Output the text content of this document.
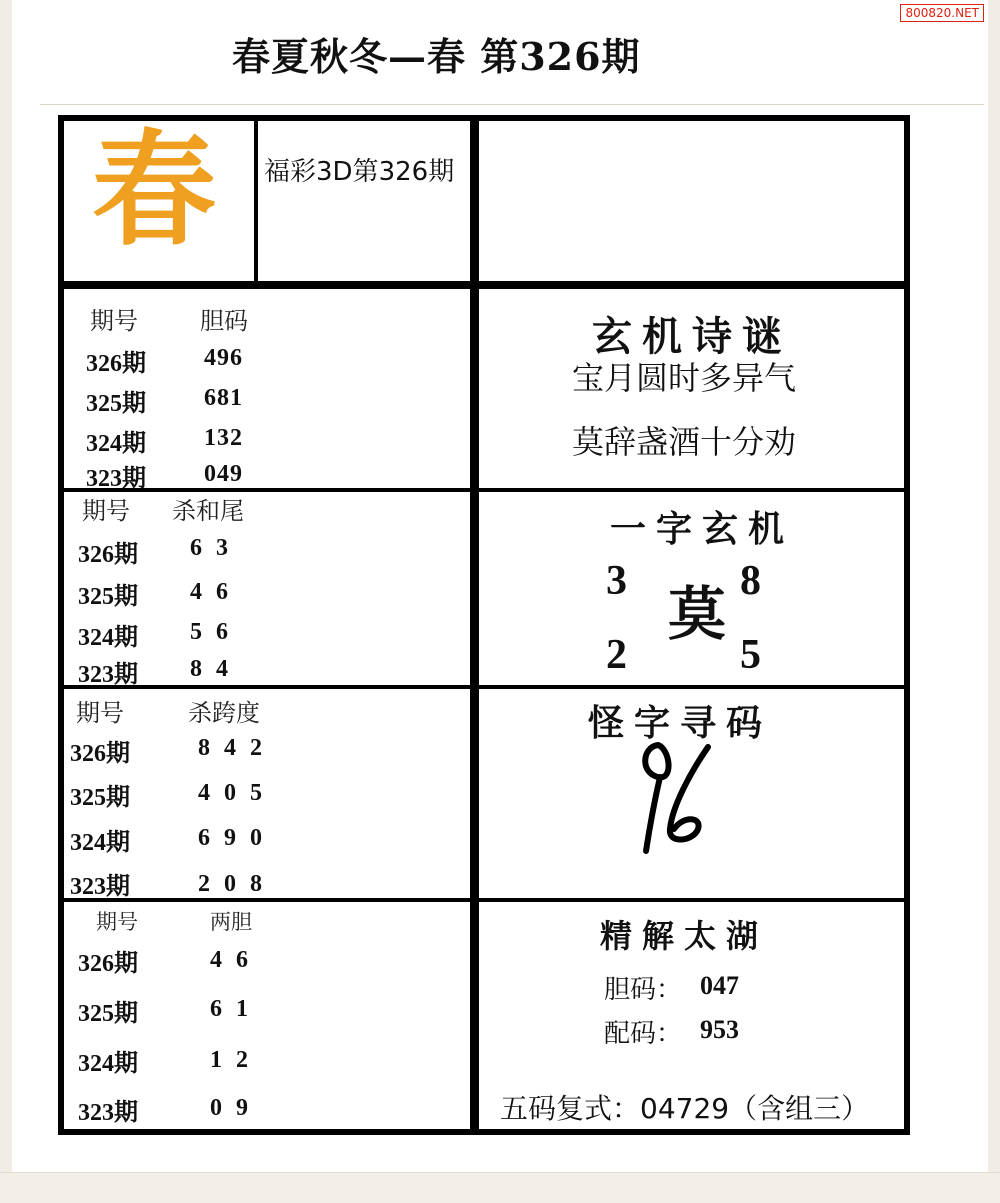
春夏秋冬—春 第326期
800820.NET
春 福彩3D第326期
期号	胆码
326期 496
325期 681
324期 132
323期 049
期号 杀和尾
326期 6 3
325期 4 6
324期 5 6
323期 8 4
期号	杀跨度
326期	8 4 2
325期	4 0 5
324期	6 9 0
323期	2 0 8
期号	两胆
326期	4 6
325期	6 1
324期	1 2
323期	0 9
玄机诗谜
宝月圆时多异气
莫辞盏酒十分劝
一字玄机
3	8
莫
2	5
怪字寻码
精解太湖
胆码： 047
配码： 953
五码复式：04729（含组三）
